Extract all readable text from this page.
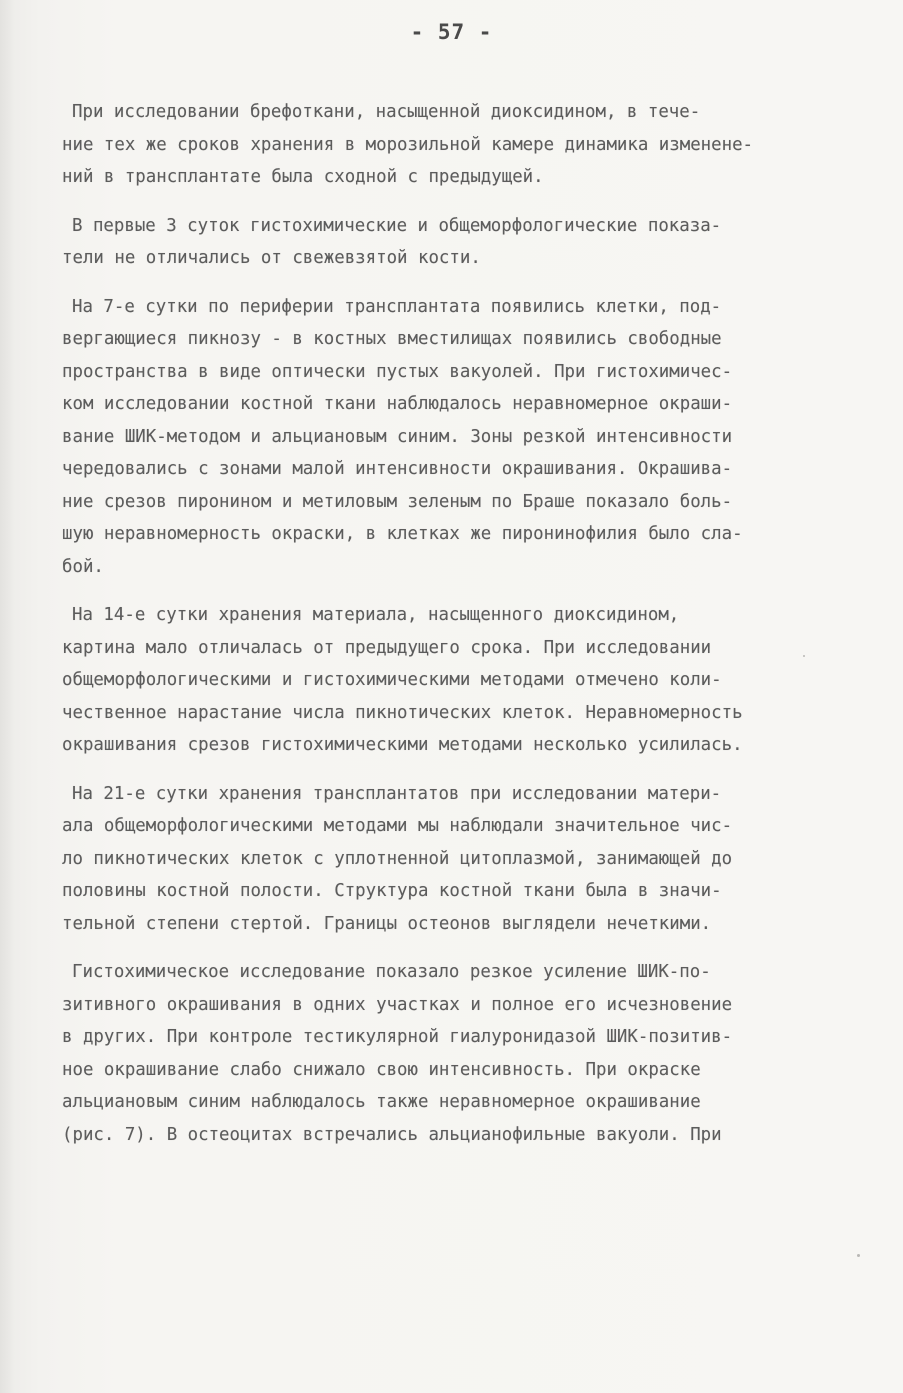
- 57 -
При исследовании брефоткани, насыщенной диоксидином, в тече-
ние тех же сроков хранения в морозильной камере динамика изменене-
ний в трансплантате была сходной с предыдущей.
В первые 3 суток гистохимические и общеморфологические показа-
тели не отличались от свежевзятой кости.
На 7-е сутки по периферии трансплантата появились клетки, под-
вергающиеся пикнозу - в костных вместилищах появились свободные
пространства в виде оптически пустых вакуолей. При гистохимичес-
ком исследовании костной ткани наблюдалось неравномерное окраши-
вание ШИК-методом и альциановым синим. Зоны резкой интенсивности
чередовались с зонами малой интенсивности окрашивания. Окрашива-
ние срезов пиронином и метиловым зеленым по Браше показало боль-
шую неравномерность окраски, в клетках же пиронинофилия было сла-
бой.
На 14-е сутки хранения материала, насыщенного диоксидином,
картина мало отличалась от предыдущего срока. При исследовании
общеморфологическими и гистохимическими методами отмечено коли-
чественное нарастание числа пикнотических клеток. Неравномерность
окрашивания срезов гистохимическими методами несколько усилилась.
На 21-е сутки хранения трансплантатов при исследовании матери-
ала общеморфологическими методами мы наблюдали значительное чис-
ло пикнотических клеток с уплотненной цитоплазмой, занимающей до
половины костной полости. Структура костной ткани была в значи-
тельной степени стертой. Границы остеонов выглядели нечеткими.
Гистохимическое исследование показало резкое усиление ШИК-по-
зитивного окрашивания в одних участках и полное его исчезновение
в других. При контроле тестикулярной гиалуронидазой ШИК-позитив-
ное окрашивание слабо снижало свою интенсивность. При окраске
альциановым синим наблюдалось также неравномерное окрашивание
(рис. 7). В остеоцитах встречались альцианофильные вакуоли. При
